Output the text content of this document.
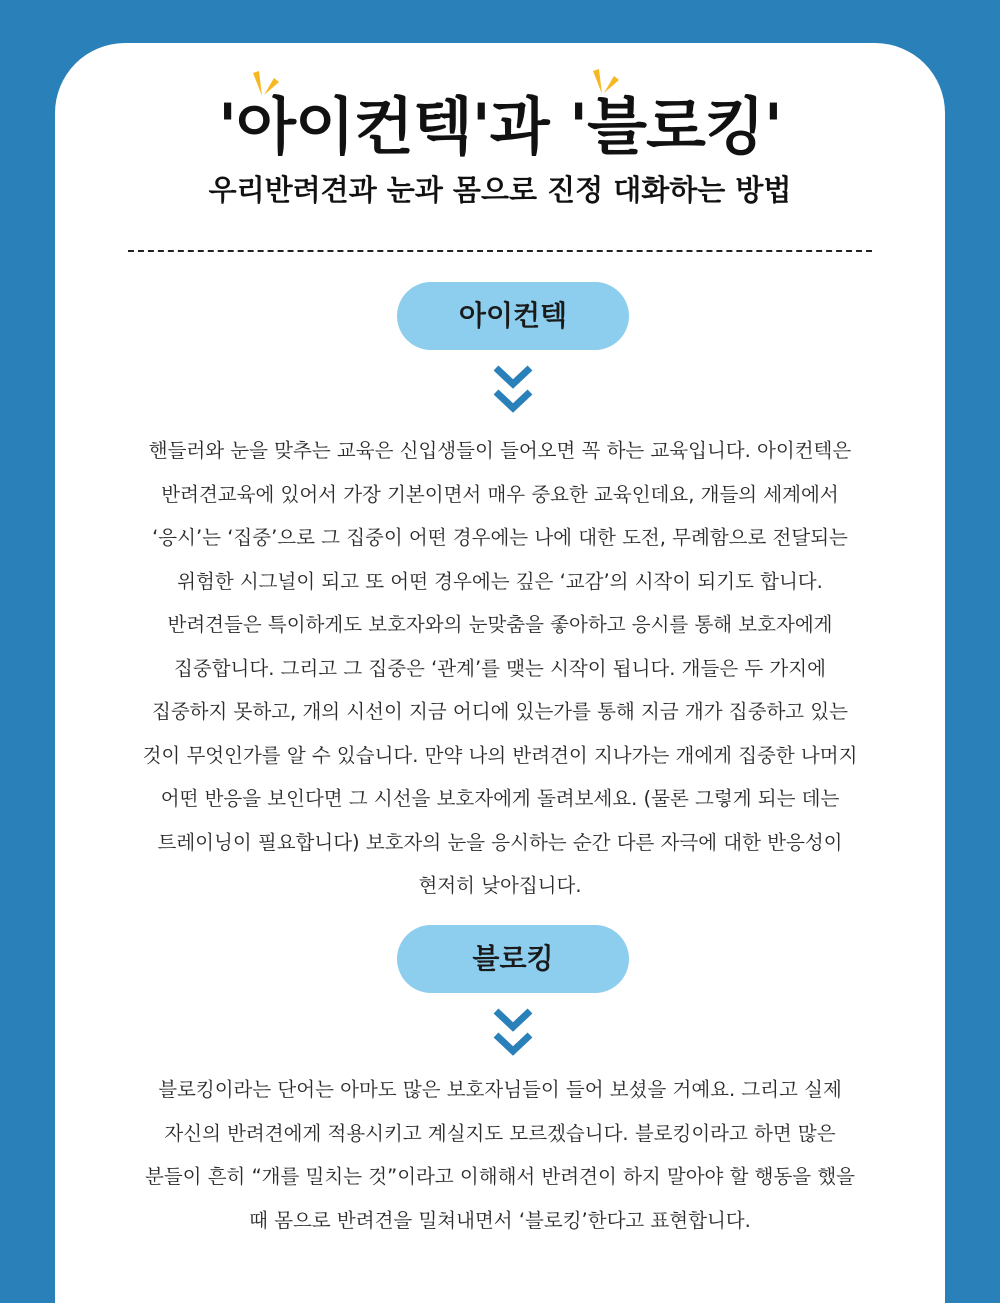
'아이컨텍'과 '블로킹'
우리반려견과 눈과 몸으로 진정 대화하는 방법
아이컨텍
핸들러와 눈을 맞추는 교육은 신입생들이 들어오면 꼭 하는 교육입니다. 아이컨텍은
반려견교육에 있어서 가장 기본이면서 매우 중요한 교육인데요, 개들의 세계에서
‘응시’는 ‘집중’으로 그 집중이 어떤 경우에는 나에 대한 도전, 무례함으로 전달되는
위험한 시그널이 되고 또 어떤 경우에는 깊은 ‘교감’의 시작이 되기도 합니다.
반려견들은 특이하게도 보호자와의 눈맞춤을 좋아하고 응시를 통해 보호자에게
집중합니다. 그리고 그 집중은 ‘관계’를 맺는 시작이 됩니다. 개들은 두 가지에
집중하지 못하고, 개의 시선이 지금 어디에 있는가를 통해 지금 개가 집중하고 있는
것이 무엇인가를 알 수 있습니다. 만약 나의 반려견이 지나가는 개에게 집중한 나머지
어떤 반응을 보인다면 그 시선을 보호자에게 돌려보세요. (물론 그렇게 되는 데는
트레이닝이 필요합니다) 보호자의 눈을 응시하는 순간 다른 자극에 대한 반응성이
현저히 낮아집니다.
블로킹
블로킹이라는 단어는 아마도 많은 보호자님들이 들어 보셨을 거예요. 그리고 실제
자신의 반려견에게 적용시키고 계실지도 모르겠습니다. 블로킹이라고 하면 많은
분들이 흔히 “개를 밀치는 것”이라고 이해해서 반려견이 하지 말아야 할 행동을 했을
때 몸으로 반려견을 밀쳐내면서 ‘블로킹’한다고 표현합니다.
